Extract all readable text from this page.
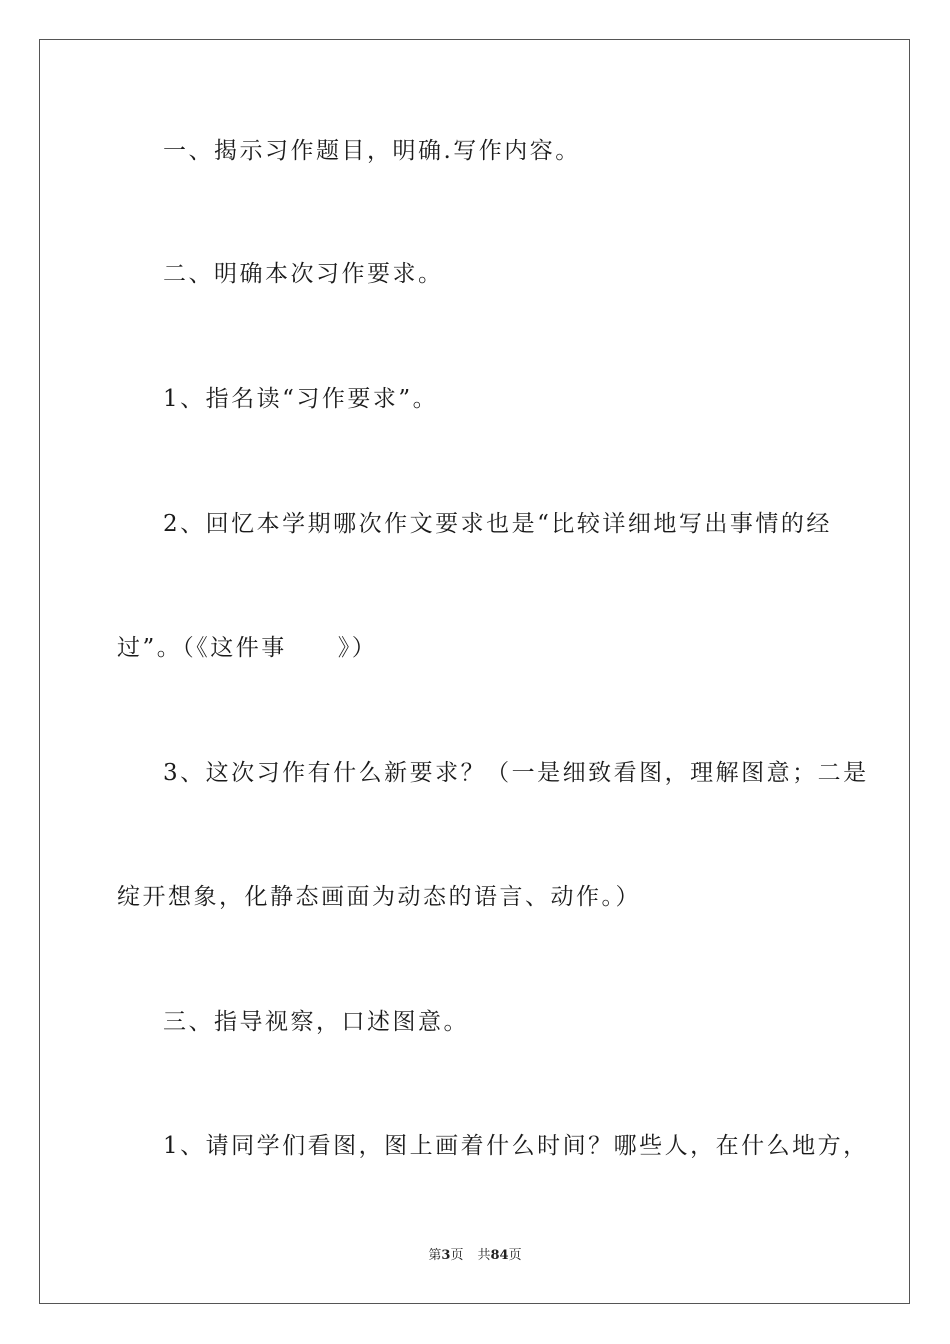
一、揭示习作题目，明确.写作内容。
二、明确本次习作要求。
1、指名读“习作要求”。
2、回忆本学期哪次作文要求也是“比较详细地写出事情的经
过”。（《这件事　　》）
3、这次习作有什么新要求？（一是细致看图，理解图意；二是
绽开想象，化静态画面为动态的语言、动作。）
三、指导视察，口述图意。
1、请同学们看图，图上画着什么时间？哪些人，在什么地方，
第3页 共84页
